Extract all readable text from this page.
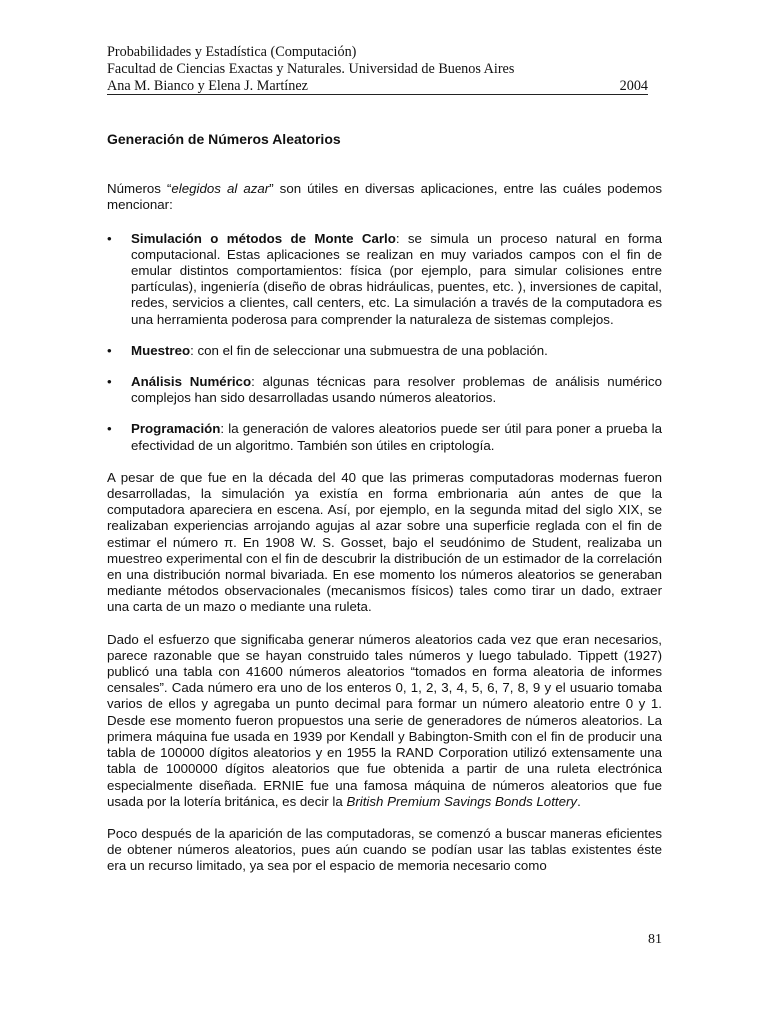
Probabilidades y Estadística (Computación)
Facultad de Ciencias Exactas y Naturales. Universidad de Buenos Aires
Ana M. Bianco y Elena J. Martínez	2004
Generación de Números Aleatorios

Números “elegidos al azar” son útiles en diversas aplicaciones, entre las cuáles podemos mencionar:

• Simulación o métodos de Monte Carlo: se simula un proceso natural en forma computacional. Estas aplicaciones se realizan en muy variados campos con el fin de emular distintos comportamientos: física (por ejemplo, para simular colisiones entre partículas), ingeniería (diseño de obras hidráulicas, puentes, etc. ), inversiones de capital, redes, servicios a clientes, call centers, etc. La simulación a través de la computadora es una herramienta poderosa para comprender la naturaleza de sistemas complejos.
• Muestreo: con el fin de seleccionar una submuestra de una población.
• Análisis Numérico: algunas técnicas para resolver problemas de análisis numérico complejos han sido desarrolladas usando números aleatorios.
• Programación: la generación de valores aleatorios puede ser útil para poner a prueba la efectividad de un algoritmo. También son útiles en criptología.

A pesar de que fue en la década del 40 que las primeras computadoras modernas fueron desarrolladas, la simulación ya existía en forma embrionaria aún antes de que la computadora apareciera en escena. Así, por ejemplo, en la segunda mitad del siglo XIX, se realizaban experiencias arrojando agujas al azar sobre una superficie reglada con el fin de estimar el número π. En 1908 W. S. Gosset, bajo el seudónimo de Student, realizaba un muestreo experimental con el fin de descubrir la distribución de un estimador de la correlación en una distribución normal bivariada. En ese momento los números aleatorios se generaban mediante métodos observacionales (mecanismos físicos) tales como tirar un dado, extraer una carta de un mazo o mediante una ruleta.

Dado el esfuerzo que significaba generar números aleatorios cada vez que eran necesarios, parece razonable que se hayan construido tales números y luego tabulado. Tippett (1927) publicó una tabla con 41600 números aleatorios “tomados en forma aleatoria de informes censales”. Cada número era uno de los enteros 0, 1, 2, 3, 4, 5, 6, 7, 8, 9 y el usuario tomaba varios de ellos y agregaba un punto decimal para formar un número aleatorio entre 0 y 1. Desde ese momento fueron propuestos una serie de generadores de números aleatorios. La primera máquina fue usada en 1939 por Kendall y Babington-Smith con el fin de producir una tabla de 100000 dígitos aleatorios y en 1955 la RAND Corporation utilizó extensamente una tabla de 1000000 dígitos aleatorios que fue obtenida a partir de una ruleta electrónica especialmente diseñada. ERNIE fue una famosa máquina de números aleatorios que fue usada por la lotería británica, es decir la British Premium Savings Bonds Lottery.

Poco después de la aparición de las computadoras, se comenzó a buscar maneras eficientes de obtener números aleatorios, pues aún cuando se podían usar las tablas existentes éste era un recurso limitado, ya sea por el espacio de memoria necesario como

81
